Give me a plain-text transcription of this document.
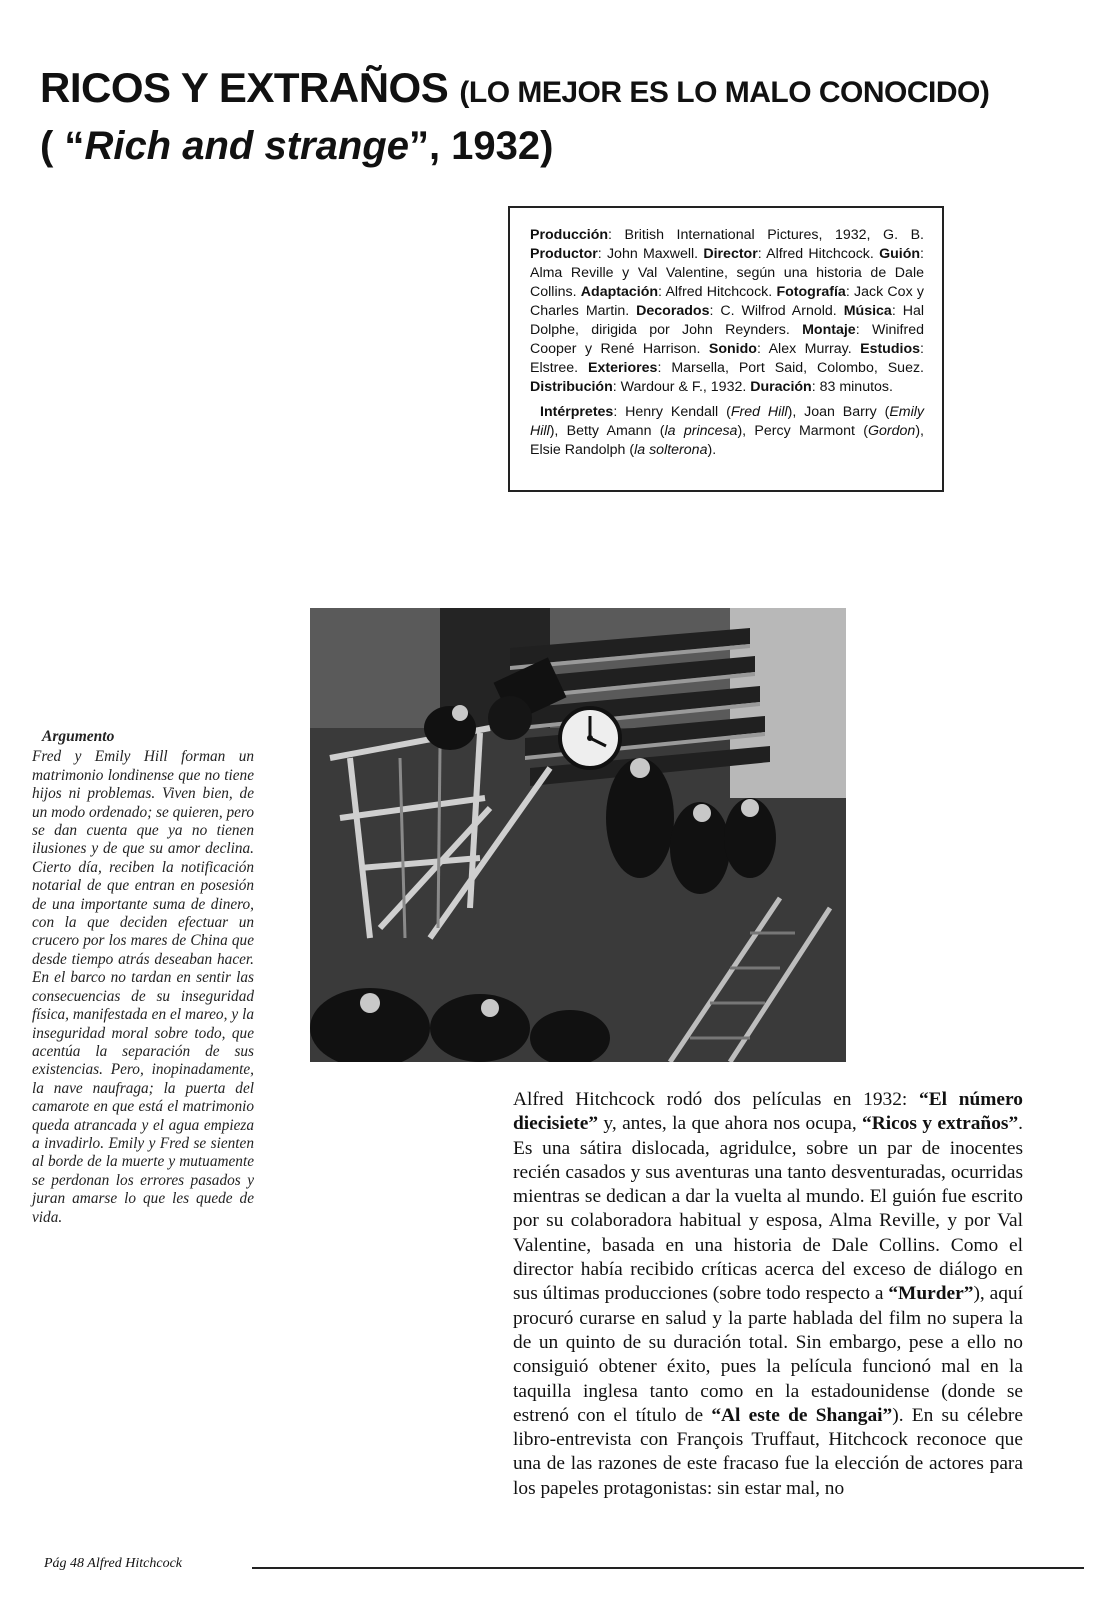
RICOS Y EXTRAÑOS (LO MEJOR ES LO MALO CONOCIDO)
( “Rich and strange”, 1932)

Producción: British International Pictures, 1932, G. B. Productor: John Maxwell. Director: Alfred Hitchcock. Guión: Alma Reville y Val Valentine, según una historia de Dale Collins. Adaptación: Alfred Hitchcock. Fotografía: Jack Cox y Charles Martin. Decorados: C. Wilfrod Arnold. Música: Hal Dolphe, dirigida por John Reynders. Montaje: Winifred Cooper y René Harrison. Sonido: Alex Murray. Estudios: Elstree. Exteriores: Marsella, Port Said, Colombo, Suez. Distribución: Wardour & F., 1932. Duración: 83 minutos.

Intérpretes: Henry Kendall (Fred Hill), Joan Barry (Emily Hill), Betty Amann (la princesa), Percy Marmont (Gordon), Elsie Randolph (la solterona).

Argumento

Fred y Emily Hill forman un matrimonio londinense que no tiene hijos ni problemas. Viven bien, de un modo ordenado; se quieren, pero se dan cuenta que ya no tienen ilusiones y de que su amor declina. Cierto día, reciben la notificación notarial de que entran en posesión de una importante suma de dinero, con la que deciden efectuar un crucero por los mares de China que desde tiempo atrás deseaban hacer. En el barco no tardan en sentir las consecuencias de su inseguridad física, manifestada en el mareo, y la inseguridad moral sobre todo, que acentúa la separación de sus existencias. Pero, inopinadamente, la nave naufraga; la puerta del camarote en que está el matrimonio queda atrancada y el agua empieza a invadirlo. Emily y Fred se sienten al borde de la muerte y mutuamente se perdonan los errores pasados y juran amarse lo que les quede de vida.

Alfred Hitchcock rodó dos películas en 1932: “El número diecisiete” y, antes, la que ahora nos ocupa, “Ricos y extraños”. Es una sátira dislocada, agridulce, sobre un par de inocentes recién casados y sus aventuras una tanto desventuradas, ocurridas mientras se dedican a dar la vuelta al mundo. El guión fue escrito por su colaboradora habitual y esposa, Alma Reville, y por Val Valentine, basada en una historia de Dale Collins. Como el director había recibido críticas acerca del exceso de diálogo en sus últimas producciones (sobre todo respecto a “Murder”), aquí procuró curarse en salud y la parte hablada del film no supera la de un quinto de su duración total. Sin embargo, pese a ello no consiguió obtener éxito, pues la película funcionó mal en la taquilla inglesa tanto como en la estadounidense (donde se estrenó con el título de “Al este de Shangai”). En su célebre libro-entrevista con François Truffaut, Hitchcock reconoce que una de las razones de este fracaso fue la elección de actores para los papeles protagonistas: sin estar mal, no

Pág 48 Alfred Hitchcock
